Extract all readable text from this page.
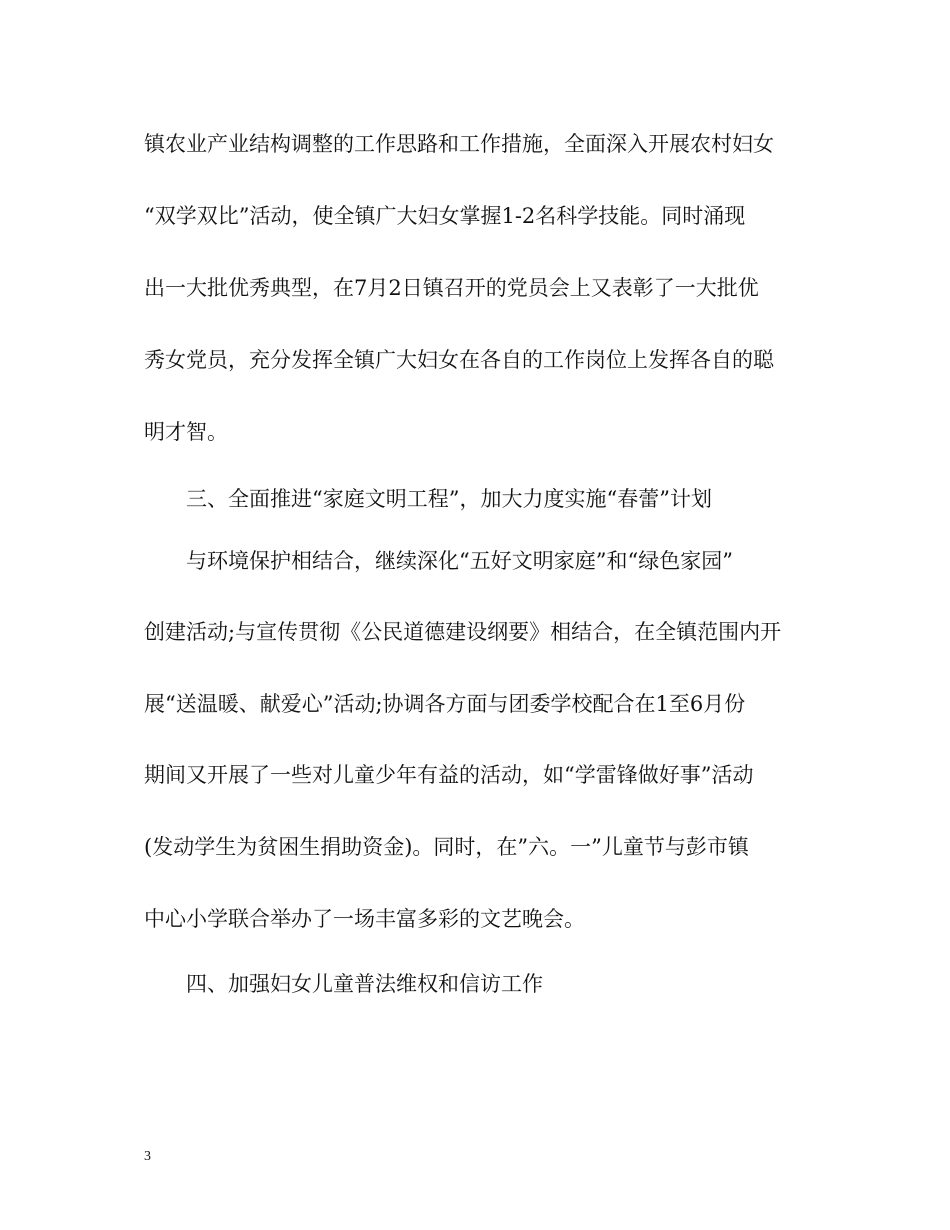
镇农业产业结构调整的工作思路和工作措施，全面深入开展农村妇女
“双学双比”活动，使全镇广大妇女掌握1-2名科学技能。同时涌现
出一大批优秀典型，在7月2日镇召开的党员会上又表彰了一大批优
秀女党员，充分发挥全镇广大妇女在各自的工作岗位上发挥各自的聪
明才智。
三、全面推进“家庭文明工程”，加大力度实施“春蕾”计划
与环境保护相结合，继续深化“五好文明家庭”和“绿色家园”
创建活动;与宣传贯彻《公民道德建设纲要》相结合，在全镇范围内开
展“送温暖、献爱心”活动;协调各方面与团委学校配合在1至6月份
期间又开展了一些对儿童少年有益的活动，如“学雷锋做好事”活动
(发动学生为贫困生捐助资金)。同时，在”六。一”儿童节与彭市镇
中心小学联合举办了一场丰富多彩的文艺晚会。
四、加强妇女儿童普法维权和信访工作
3
